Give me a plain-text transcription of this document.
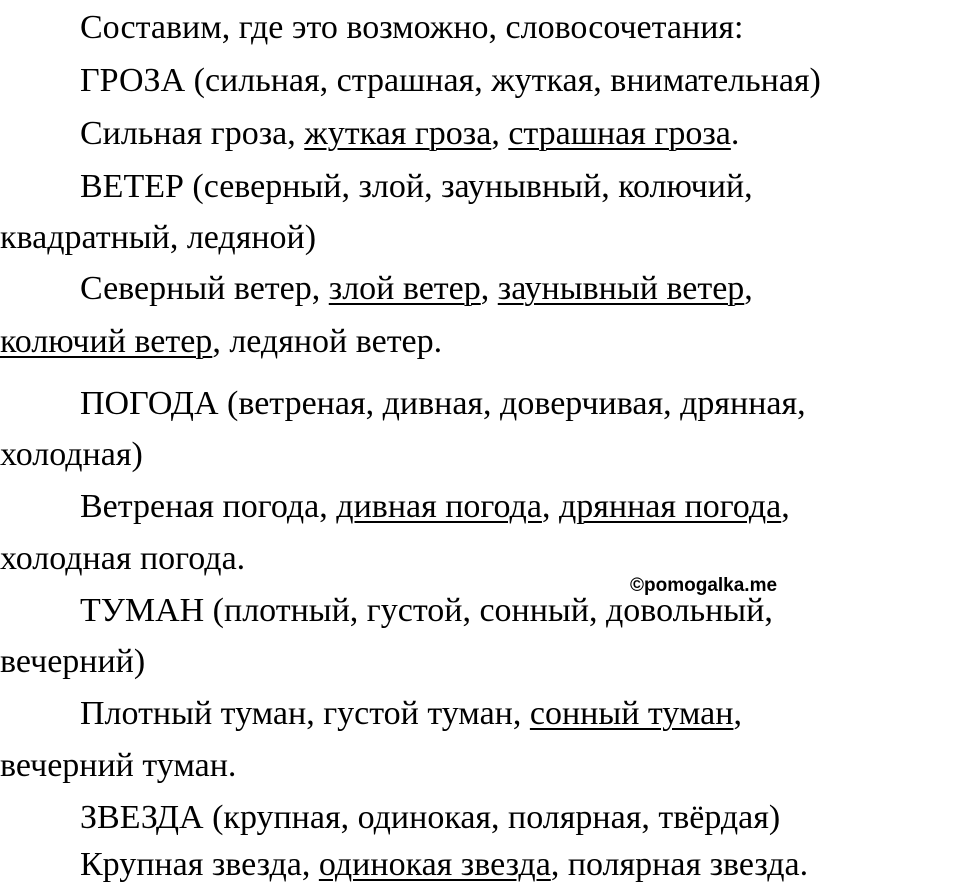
Составим, где это возможно, словосочетания:
ГРОЗА (сильная, страшная, жуткая, внимательная)
Сильная гроза, жуткая гроза, страшная гроза.
ВЕТЕР (северный, злой, заунывный, колючий,
квадратный, ледяной)
Северный ветер, злой ветер, заунывный ветер,
колючий ветер, ледяной ветер.
ПОГОДА (ветреная, дивная, доверчивая, дрянная,
холодная)
Ветреная погода, дивная погода, дрянная погода,
холодная погода.
ТУМАН (плотный, густой, сонный, довольный,
вечерний)
Плотный туман, густой туман, сонный туман,
вечерний туман.
ЗВЕЗДА (крупная, одинокая, полярная, твёрдая)
Крупная звезда, одинокая звезда, полярная звезда.
©pomogalka.me
